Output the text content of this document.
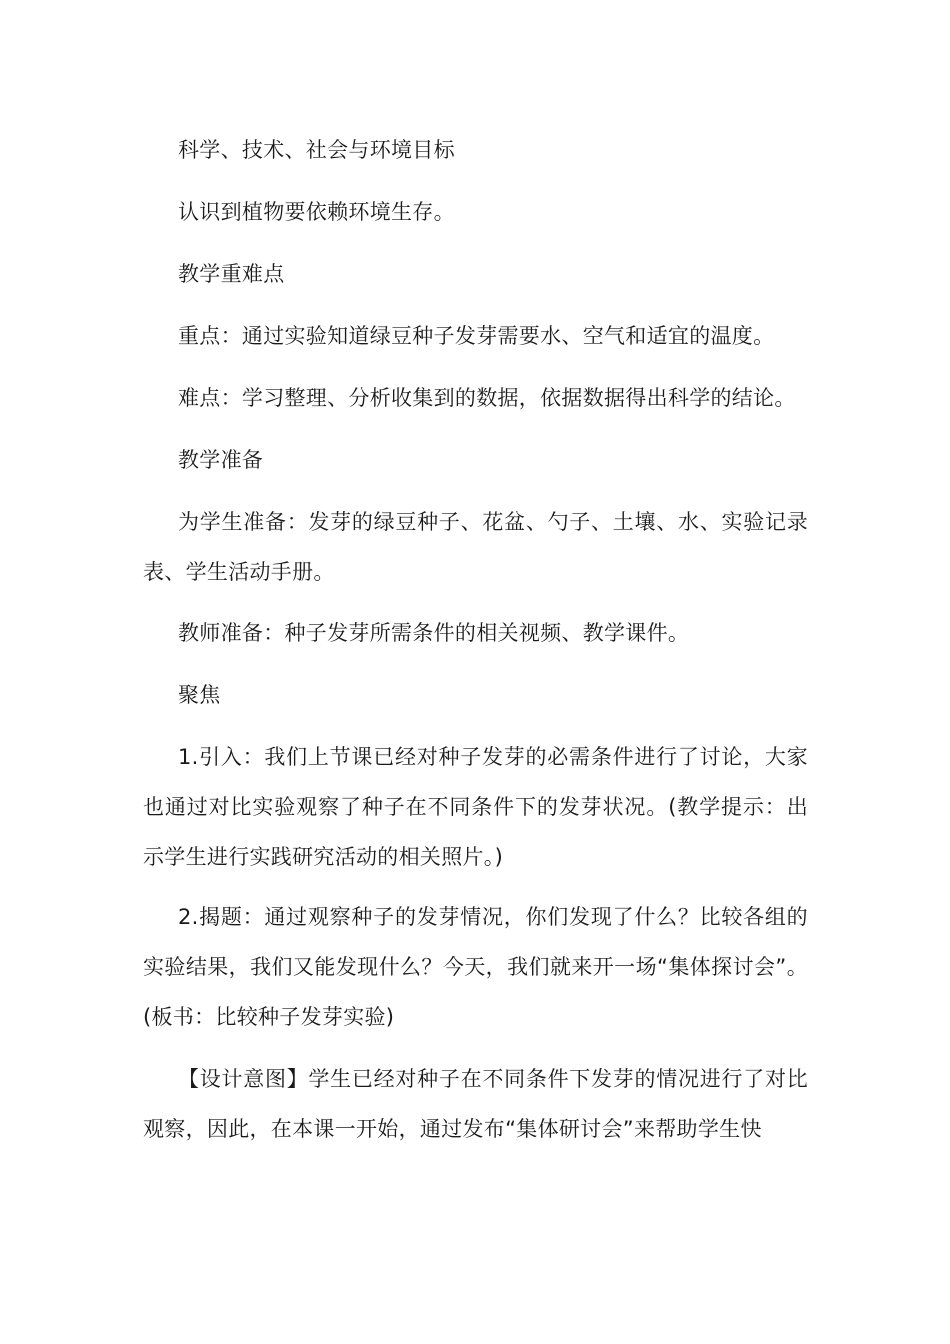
科学、技术、社会与环境目标

认识到植物要依赖环境生存。

教学重难点

重点：通过实验知道绿豆种子发芽需要水、空气和适宜的温度。

难点：学习整理、分析收集到的数据，依据数据得出科学的结论。

教学准备

为学生准备：发芽的绿豆种子、花盆、勺子、土壤、水、实验记录表、学生活动手册。

教师准备：种子发芽所需条件的相关视频、教学课件。

聚焦

1.引入：我们上节课已经对种子发芽的必需条件进行了讨论，大家也通过对比实验观察了种子在不同条件下的发芽状况。(教学提示：出示学生进行实践研究活动的相关照片。)

2.揭题：通过观察种子的发芽情况，你们发现了什么？比较各组的实验结果，我们又能发现什么？今天，我们就来开一场“集体探讨会”。(板书：比较种子发芽实验)

【设计意图】学生已经对种子在不同条件下发芽的情况进行了对比观察，因此，在本课一开始，通过发布“集体研讨会”来帮助学生快
